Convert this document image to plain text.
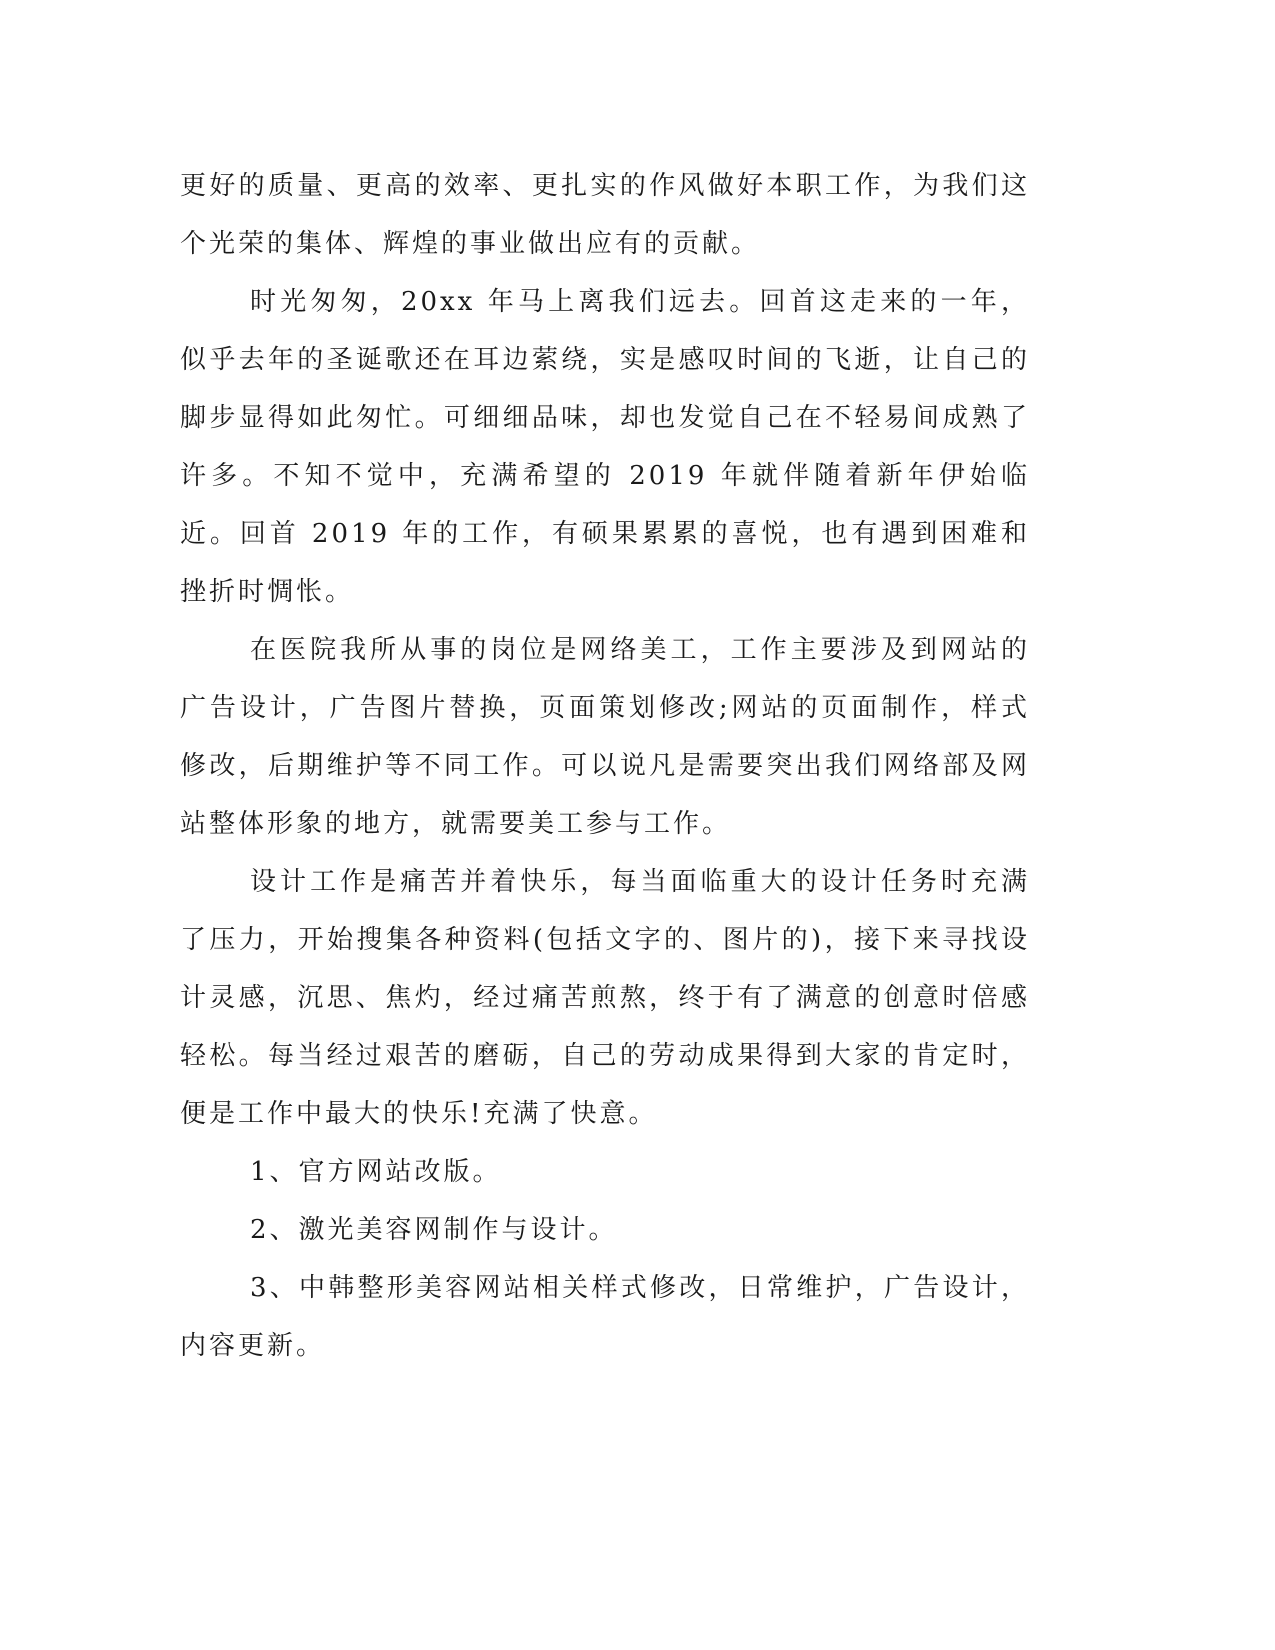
更好的质量、更高的效率、更扎实的作风做好本职工作，为我们这个光荣的集体、辉煌的事业做出应有的贡献。

时光匆匆，20xx 年马上离我们远去。回首这走来的一年，似乎去年的圣诞歌还在耳边萦绕，实是感叹时间的飞逝，让自己的脚步显得如此匆忙。可细细品味，却也发觉自己在不轻易间成熟了许多。不知不觉中，充满希望的 2019 年就伴随着新年伊始临近。回首 2019 年的工作，有硕果累累的喜悦，也有遇到困难和挫折时惆怅。

在医院我所从事的岗位是网络美工，工作主要涉及到网站的广告设计，广告图片替换，页面策划修改;网站的页面制作，样式修改，后期维护等不同工作。可以说凡是需要突出我们网络部及网站整体形象的地方，就需要美工参与工作。

设计工作是痛苦并着快乐，每当面临重大的设计任务时充满了压力，开始搜集各种资料(包括文字的、图片的)，接下来寻找设计灵感，沉思、焦灼，经过痛苦煎熬，终于有了满意的创意时倍感轻松。每当经过艰苦的磨砺，自己的劳动成果得到大家的肯定时，便是工作中最大的快乐!充满了快意。

1、官方网站改版。

2、激光美容网制作与设计。

3、中韩整形美容网站相关样式修改，日常维护，广告设计，内容更新。
